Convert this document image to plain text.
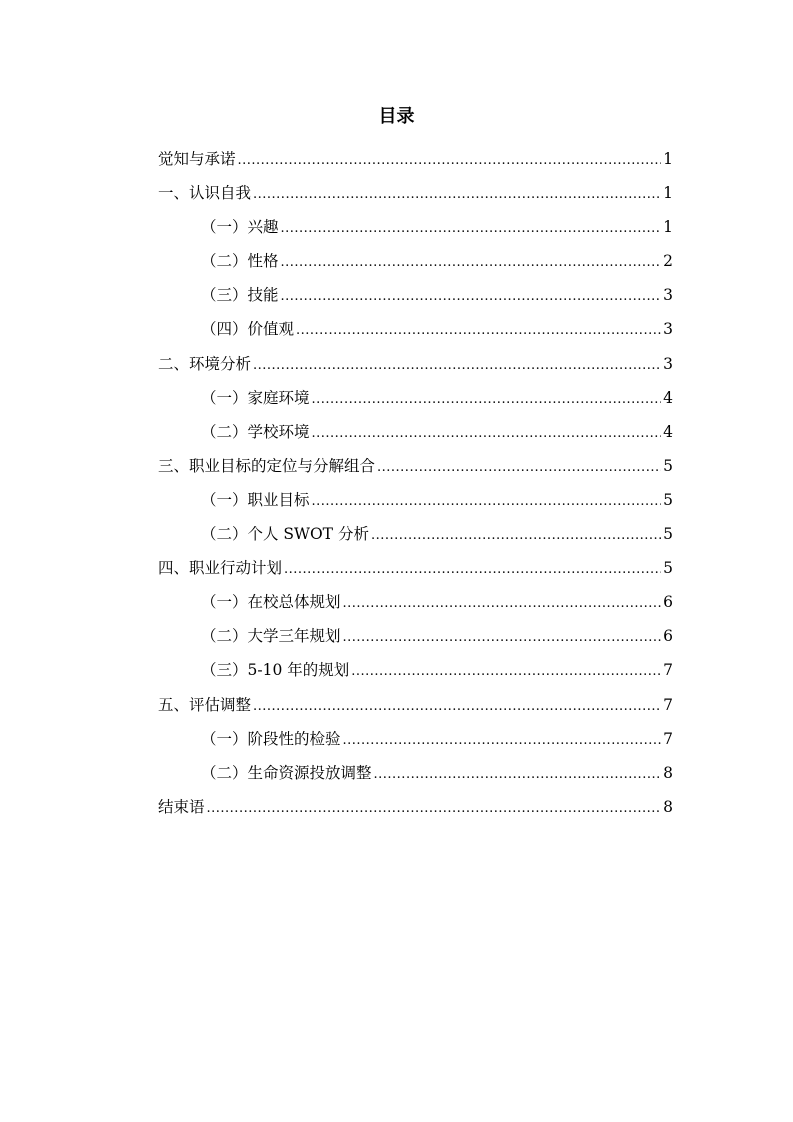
目录
觉知与承诺 .....	1
一、认识自我 .....	1
（一）兴趣 .....	1
（二）性格 .....	2
（三）技能 .....	3
（四）价值观 .....	3
二、环境分析 .....	3
（一）家庭环境 .....	4
（二）学校环境 .....	4
三、职业目标的定位与分解组合 .....	5
（一）职业目标 .....	5
（二）个人 SWOT 分析 .....	5
四、职业行动计划 .....	5
（一）在校总体规划 .....	6
（二）大学三年规划 .....	6
（三）5-10 年的规划 .....	7
五、评估调整 .....	7
（一）阶段性的检验 .....	7
（二）生命资源投放调整 .....	8
结束语 .....	8
